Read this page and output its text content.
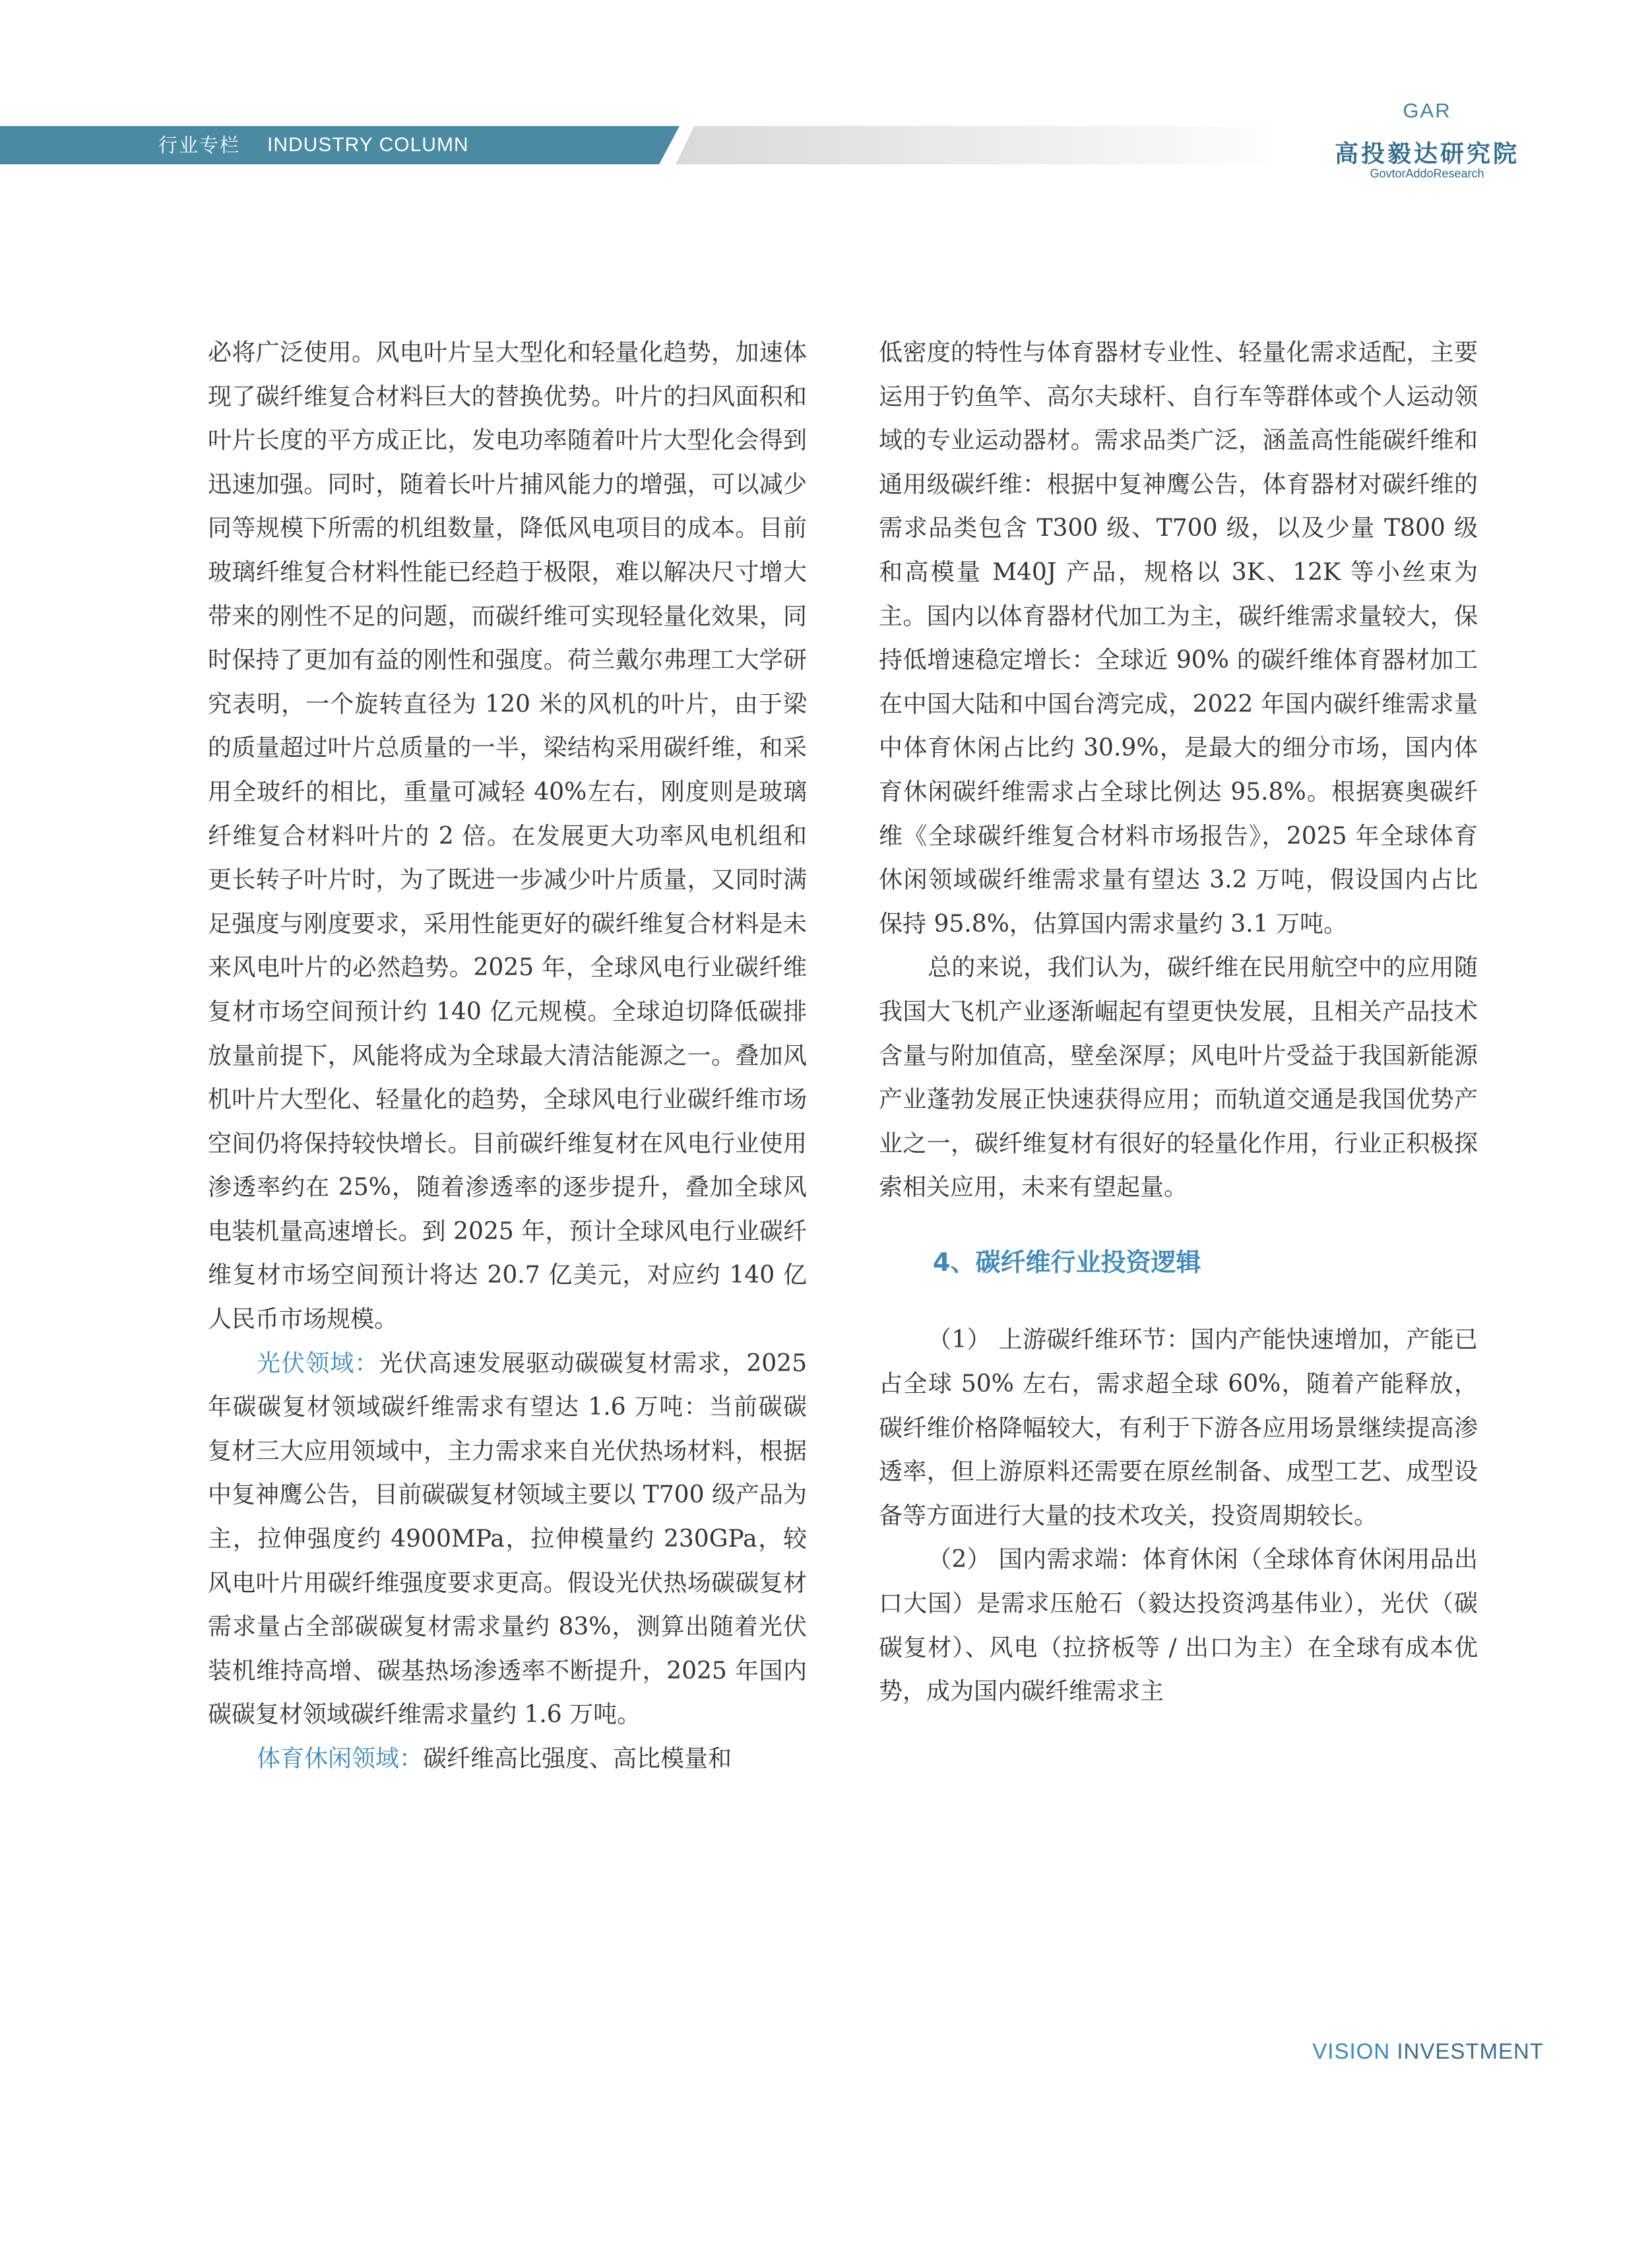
行业专栏 INDUSTRY COLUMN
GAR
高投毅达研究院
GovtorAddoResearch

必将广泛使用。风电叶片呈大型化和轻量化趋势，加速体现了碳纤维复合材料巨大的替换优势。叶片的扫风面积和叶片长度的平方成正比，发电功率随着叶片大型化会得到迅速加强。同时，随着长叶片捕风能力的增强，可以减少同等规模下所需的机组数量，降低风电项目的成本。目前玻璃纤维复合材料性能已经趋于极限，难以解决尺寸增大带来的刚性不足的问题，而碳纤维可实现轻量化效果，同时保持了更加有益的刚性和强度。荷兰戴尔弗理工大学研究表明，一个旋转直径为 120 米的风机的叶片，由于梁的质量超过叶片总质量的一半，梁结构采用碳纤维，和采用全玻纤的相比，重量可减轻 40%左右，刚度则是玻璃纤维复合材料叶片的 2 倍。在发展更大功率风电机组和更长转子叶片时，为了既进一步减少叶片质量，又同时满足强度与刚度要求，采用性能更好的碳纤维复合材料是未来风电叶片的必然趋势。2025 年，全球风电行业碳纤维复材市场空间预计约 140 亿元规模。全球迫切降低碳排放量前提下，风能将成为全球最大清洁能源之一。叠加风机叶片大型化、轻量化的趋势，全球风电行业碳纤维市场空间仍将保持较快增长。目前碳纤维复材在风电行业使用渗透率约在 25%，随着渗透率的逐步提升，叠加全球风电装机量高速增长。到 2025 年，预计全球风电行业碳纤维复材市场空间预计将达 20.7 亿美元，对应约 140 亿人民币市场规模。

光伏领域：光伏高速发展驱动碳碳复材需求，2025 年碳碳复材领域碳纤维需求有望达 1.6 万吨：当前碳碳复材三大应用领域中，主力需求来自光伏热场材料，根据中复神鹰公告，目前碳碳复材领域主要以 T700 级产品为主，拉伸强度约 4900MPa，拉伸模量约 230GPa，较风电叶片用碳纤维强度要求更高。假设光伏热场碳碳复材需求量占全部碳碳复材需求量约 83%，测算出随着光伏装机维持高增、碳基热场渗透率不断提升，2025 年国内碳碳复材领域碳纤维需求量约 1.6 万吨。

体育休闲领域：碳纤维高比强度、高比模量和

低密度的特性与体育器材专业性、轻量化需求适配，主要运用于钓鱼竿、高尔夫球杆、自行车等群体或个人运动领域的专业运动器材。需求品类广泛，涵盖高性能碳纤维和通用级碳纤维：根据中复神鹰公告，体育器材对碳纤维的需求品类包含 T300 级、T700 级，以及少量 T800 级和高模量 M40J 产品，规格以 3K、12K 等小丝束为主。国内以体育器材代加工为主，碳纤维需求量较大，保持低增速稳定增长：全球近 90% 的碳纤维体育器材加工在中国大陆和中国台湾完成，2022 年国内碳纤维需求量中体育休闲占比约 30.9%，是最大的细分市场，国内体育休闲碳纤维需求占全球比例达 95.8%。根据赛奥碳纤维《全球碳纤维复合材料市场报告》，2025 年全球体育休闲领域碳纤维需求量有望达 3.2 万吨，假设国内占比保持 95.8%，估算国内需求量约 3.1 万吨。

总的来说，我们认为，碳纤维在民用航空中的应用随我国大飞机产业逐渐崛起有望更快发展，且相关产品技术含量与附加值高，壁垒深厚；风电叶片受益于我国新能源产业蓬勃发展正快速获得应用；而轨道交通是我国优势产业之一，碳纤维复材有很好的轻量化作用，行业正积极探索相关应用，未来有望起量。

4、碳纤维行业投资逻辑

（1） 上游碳纤维环节：国内产能快速增加，产能已占全球 50% 左右，需求超全球 60%，随着产能释放，碳纤维价格降幅较大，有利于下游各应用场景继续提高渗透率，但上游原料还需要在原丝制备、成型工艺、成型设备等方面进行大量的技术攻关，投资周期较长。

（2） 国内需求端：体育休闲（全球体育休闲用品出口大国）是需求压舱石（毅达投资鸿基伟业），光伏（碳碳复材）、风电（拉挤板等 / 出口为主）在全球有成本优势，成为国内碳纤维需求主

VISION INVESTMENT
